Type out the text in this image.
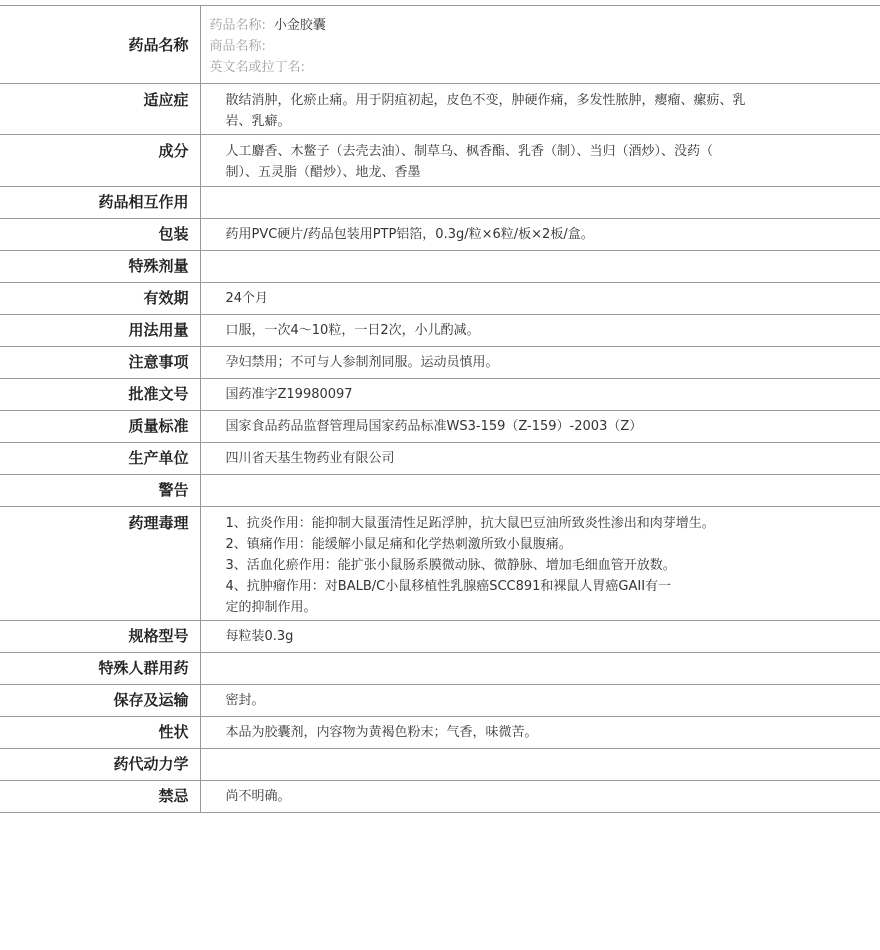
药品名称	药品名称: 小金胶囊
商品名称:
英文名或拉丁名:

适应症	散结消肿，化瘀止痛。用于阴疽初起，皮色不变，肿硬作痛，多发性脓肿，瘿瘤、瘰疬、乳
岩、乳癖。

成分	人工麝香、木鳖子（去壳去油）、制草乌、枫香酯、乳香（制）、当归（酒炒）、没药（
制）、五灵脂（醋炒）、地龙、香墨

药品相互作用	

包装	药用PVC硬片/药品包装用PTP铝箔，0.3g/粒×6粒/板×2板/盒。

特殊剂量	

有效期	24个月

用法用量	口服，一次4～10粒，一日2次，小儿酌减。

注意事项	孕妇禁用；不可与人参制剂同服。运动员慎用。

批准文号	国药准字Z19980097

质量标准	国家食品药品监督管理局国家药品标准WS3-159（Z-159）-2003（Z）

生产单位	四川省天基生物药业有限公司

警告	

药理毒理	1、抗炎作用：能抑制大鼠蛋清性足跖浮肿，抗大鼠巴豆油所致炎性渗出和肉芽增生。
2、镇痛作用：能缓解小鼠足痛和化学热刺激所致小鼠腹痛。
3、活血化瘀作用：能扩张小鼠肠系膜微动脉、微静脉、增加毛细血管开放数。
4、抗肿瘤作用：对BALB/C小鼠移植性乳腺癌SCC891和裸鼠人胃癌GAII有一
定的抑制作用。

规格型号	每粒装0.3g

特殊人群用药	

保存及运输	密封。

性状	本品为胶囊剂，内容物为黄褐色粉末；气香，味微苦。

药代动力学	

禁忌	尚不明确。
